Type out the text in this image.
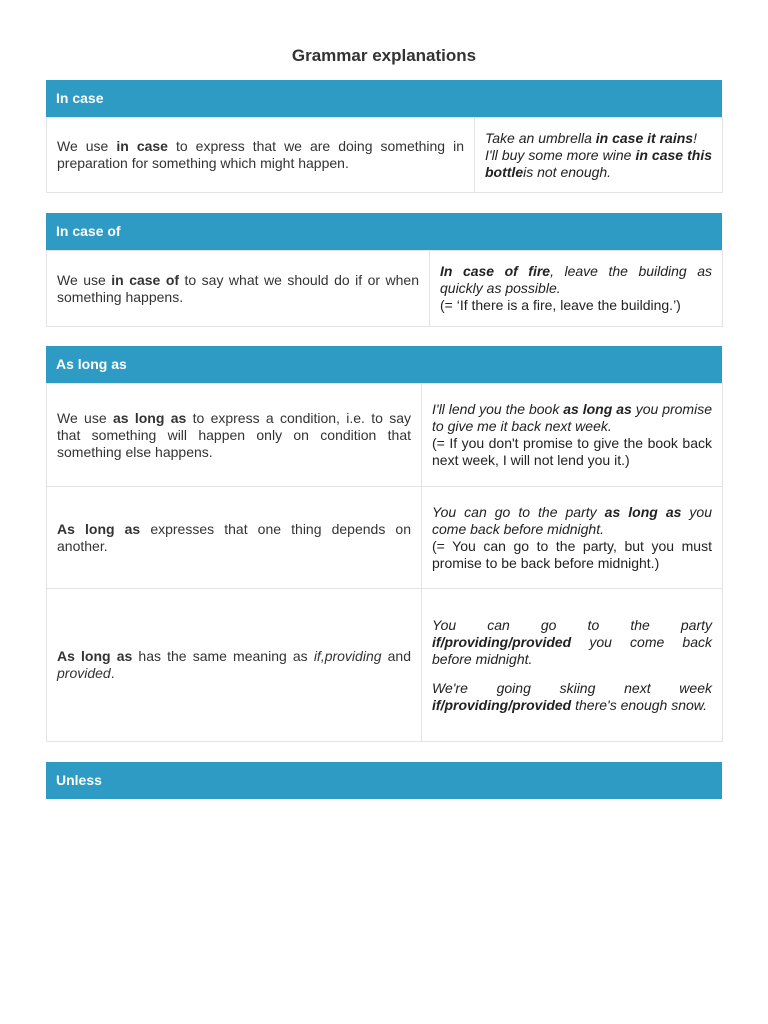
Grammar explanations
In case
We use in case to express that we are doing something in preparation for something which might happen.	Take an umbrella in case it rains!
I'll buy some more wine in case this bottleis not enough.
In case of
We use in case of to say what we should do if or when something happens.	In case of fire, leave the building as quickly as possible.
(= ‘If there is a fire, leave the building.’)
As long as
We use as long as to express a condition, i.e. to say that something will happen only on condition that something else happens.	I'll lend you the book as long as you promise to give me it back next week.
(= If you don't promise to give the book back next week, I will not lend you it.)
As long as expresses that one thing depends on another.	You can go to the party as long as you come back before midnight.
(= You can go to the party, but you must promise to be back before midnight.)
As long as has the same meaning as if,providing and provided.	You can go to the party if/providing/provided you come back before midnight.

We're going skiing next week if/providing/provided there's enough snow.

Unless
